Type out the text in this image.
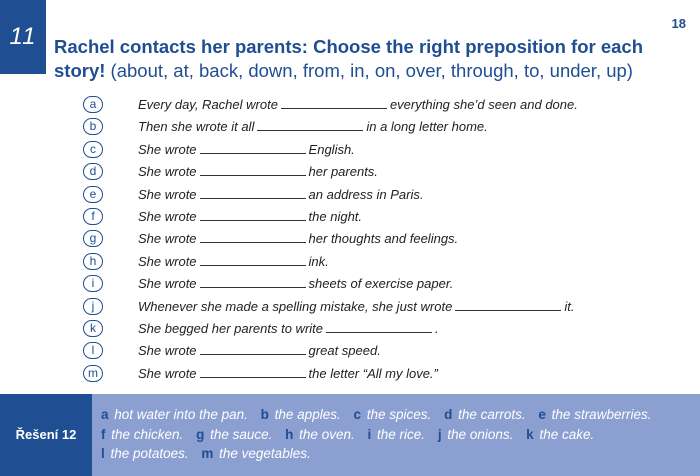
11	18
Rachel contacts her parents: Choose the right preposition for each story! (about, at, back, down, from, in, on, over, through, to, under, up)
a	Every day, Rachel wrote	everything she’d seen and done.
b	Then she wrote it all	in a long letter home.
c	She wrote	English.
d	She wrote	her parents.
e	She wrote	an address in Paris.
f	She wrote	the night.
g	She wrote	her thoughts and feelings.
h	She wrote	ink.
i	She wrote	sheets of exercise paper.
j	Whenever she made a spelling mistake, she just wrote	it.
k	She begged her parents to write	.
l	She wrote	great speed.
m	She wrote	the letter “All my love.”
Řešení 12
a hot water into the pan. b the apples. c the spices. d the carrots. e the strawberries. f the chicken. g the sauce. h the oven. i the rice. j the onions. k the cake. l the potatoes. m the vegetables.
